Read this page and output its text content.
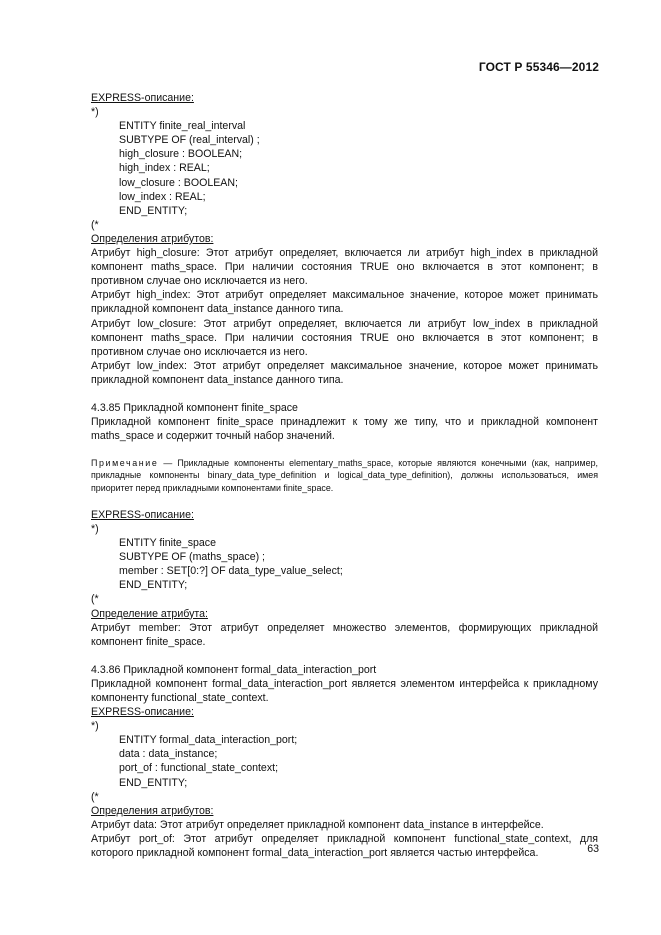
ГОСТ Р 55346—2012

EXPRESS-описание:

*)

ENTITY finite_real_interval

SUBTYPE OF (real_interval) ;

high_closure : BOOLEAN;

high_index : REAL;

low_closure : BOOLEAN;

low_index : REAL;

END_ENTITY;

(*

Определения атрибутов:

Атрибут high_closure: Этот атрибут определяет, включается ли атрибут high_index в прикладной компонент maths_space. При наличии состояния TRUE оно включается в этот компонент; в противном случае оно исключается из него.

Атрибут high_index: Этот атрибут определяет максимальное значение, которое может принимать прикладной компонент data_instance данного типа.

Атрибут low_closure: Этот атрибут определяет, включается ли атрибут low_index в прикладной компонент maths_space. При наличии состояния TRUE оно включается в этот компонент; в противном случае оно исключается из него.

Атрибут low_index: Этот атрибут определяет максимальное значение, которое может принимать прикладной компонент data_instance данного типа.

4.3.85 Прикладной компонент finite_space

Прикладной компонент finite_space принадлежит к тому же типу, что и прикладной компонент maths_space и содержит точный набор значений.

Примечание — Прикладные компоненты elementary_maths_space, которые являются конечными (как, например, прикладные компоненты binary_data_type_definition и logical_data_type_definition), должны использоваться, имея приоритет перед прикладными компонентами finite_space.

EXPRESS-описание:

*)

ENTITY finite_space

SUBTYPE OF (maths_space) ;

member : SET[0:?] OF data_type_value_select;

END_ENTITY;

(*

Определение атрибута:

Атрибут member: Этот атрибут определяет множество элементов, формирующих прикладной компонент finite_space.

4.3.86 Прикладной компонент formal_data_interaction_port

Прикладной компонент formal_data_interaction_port является элементом интерфейса к прикладному компоненту functional_state_context.

EXPRESS-описание:

*)

ENTITY formal_data_interaction_port;

data : data_instance;

port_of : functional_state_context;

END_ENTITY;

(*

Определения атрибутов:

Атрибут data: Этот атрибут определяет прикладной компонент data_instance в интерфейсе.

Атрибут port_of: Этот атрибут определяет прикладной компонент functional_state_context, для которого прикладной компонент formal_data_interaction_port является частью интерфейса.	63
